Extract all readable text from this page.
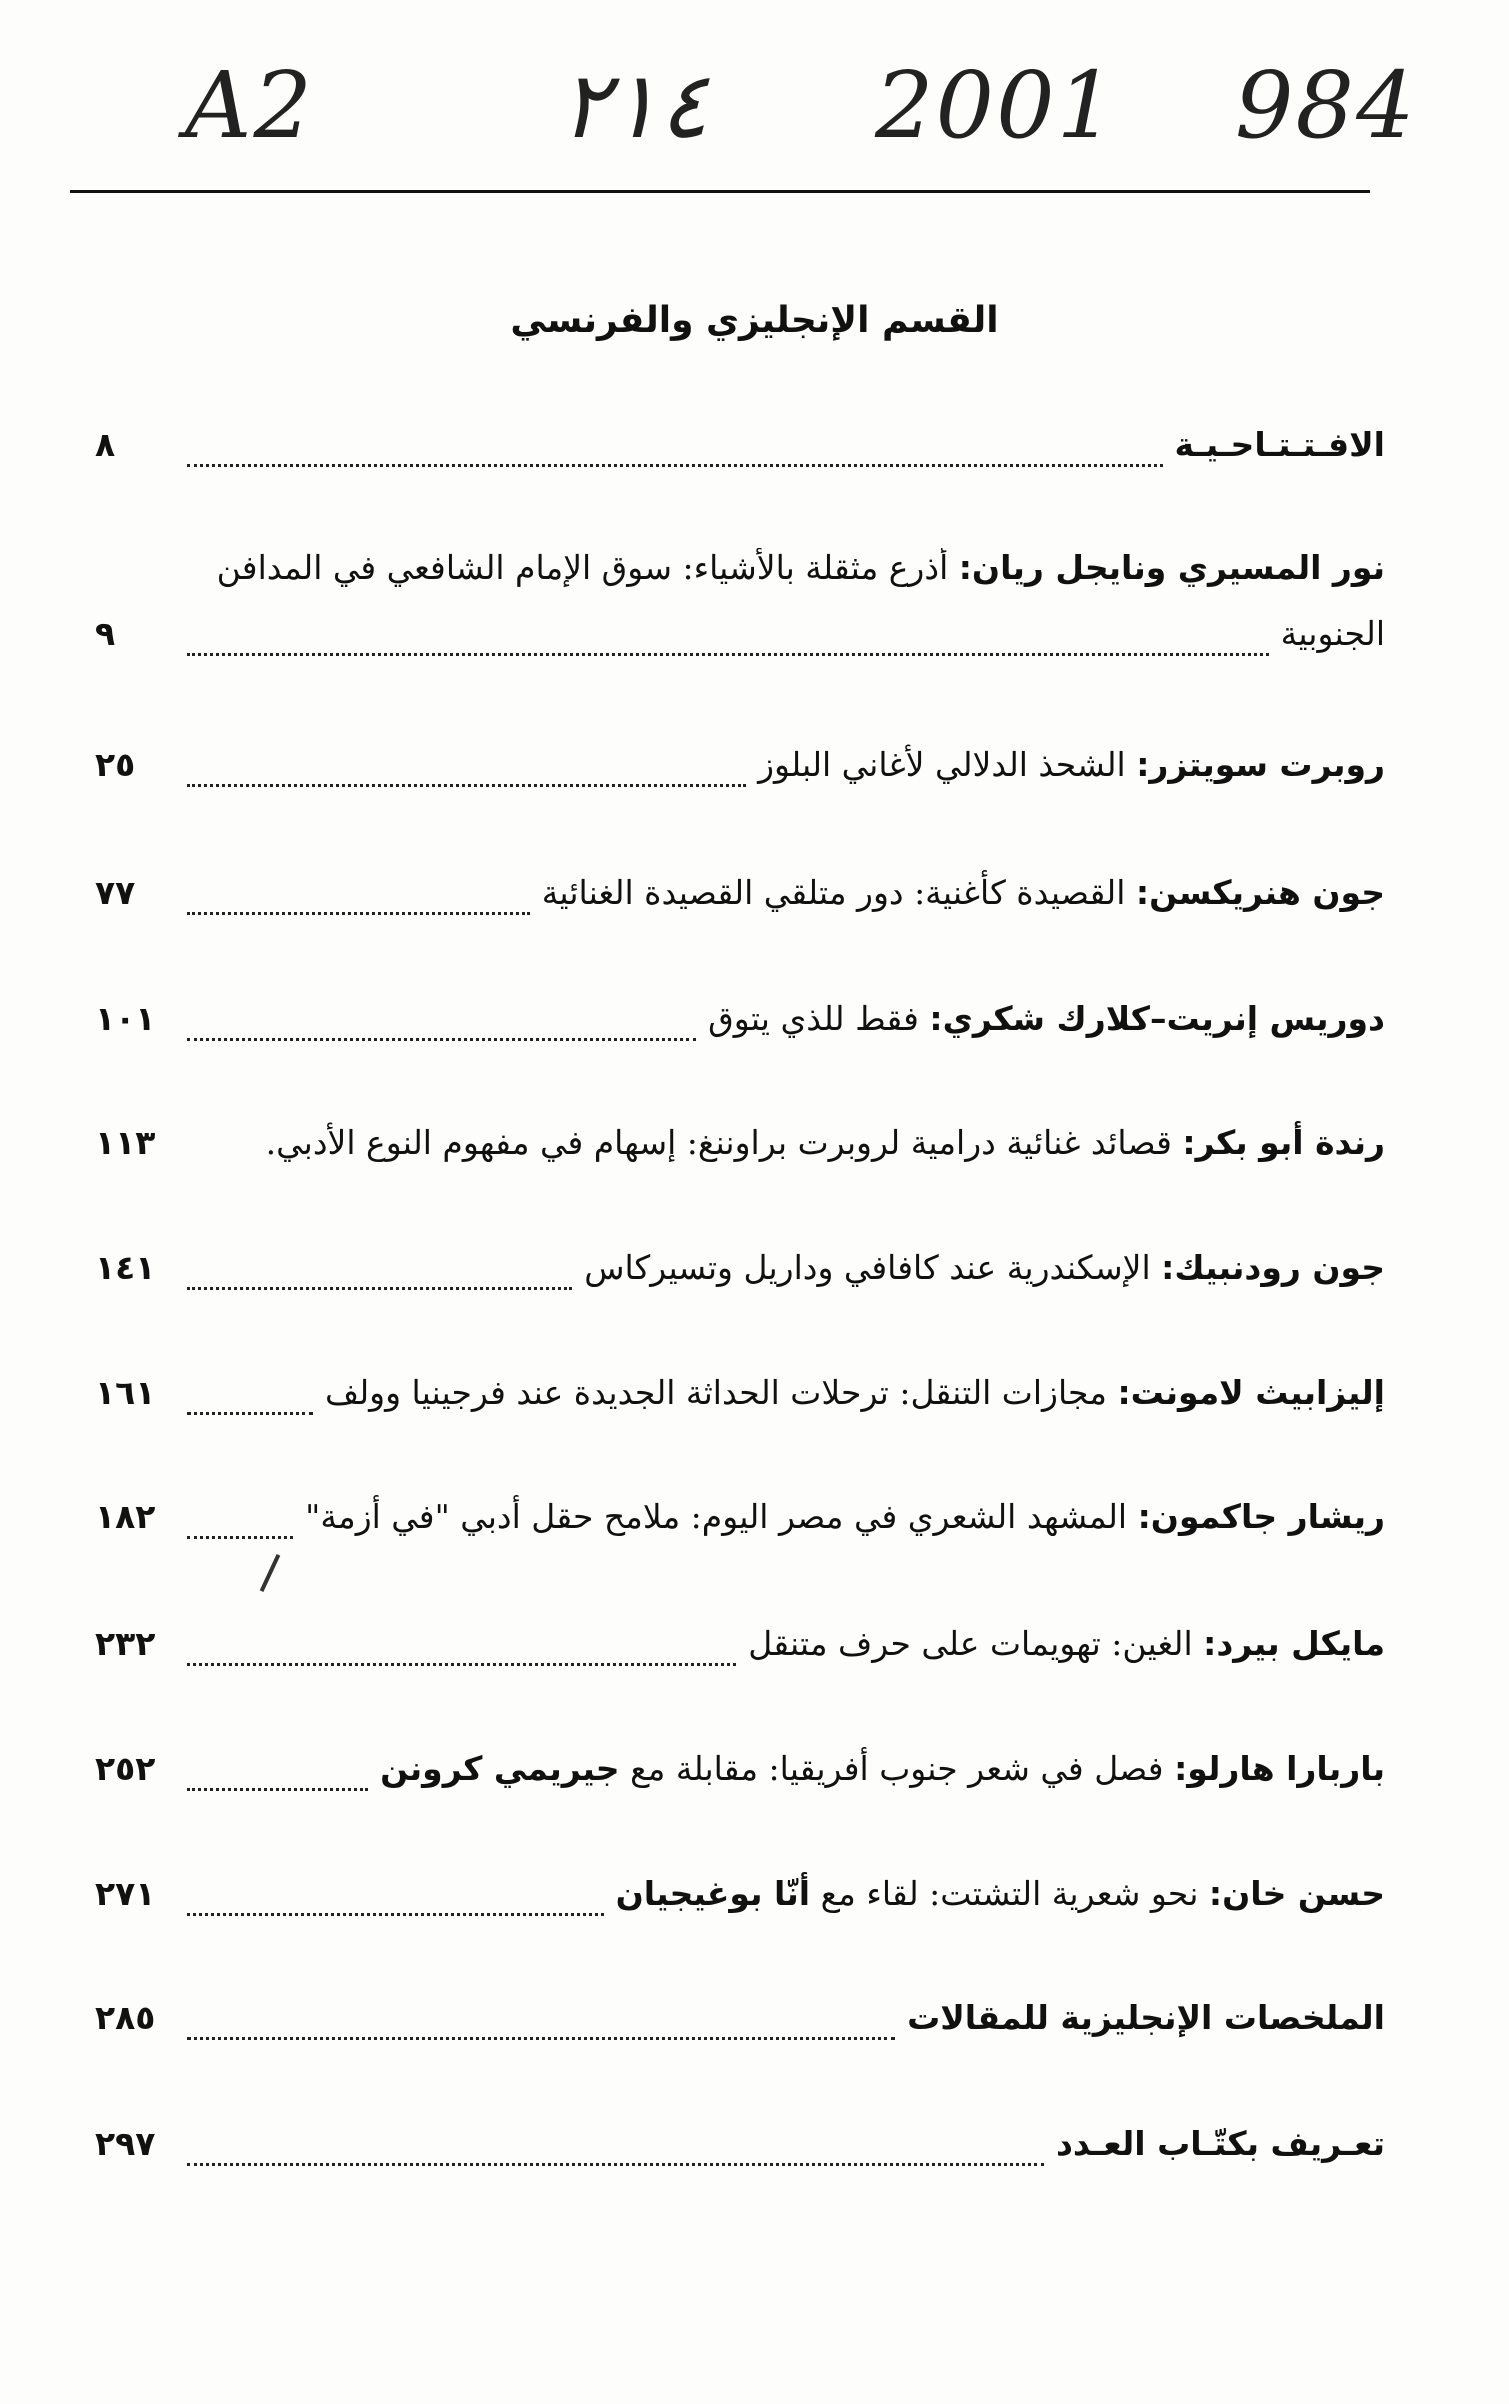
A2	٢١٤ 2001 984
القسم الإنجليزي والفرنسي
الافـتـتـاحـيـة
٨
نور المسيري ونايجل ريان: أذرع مثقلة بالأشياء: سوق الإمام الشافعي في المدافن
الجنوبية
٩
روبرت سويتزر: الشحذ الدلالي لأغاني البلوز
٢٥
جون هنريكسن: القصيدة كأغنية: دور متلقي القصيدة الغنائية
٧٧
دوريس إنريت–كلارك شكري: فقط للذي يتوق
١٠١
رندة أبو بكر: قصائد غنائية درامية لروبرت براوننغ: إسهام في مفهوم النوع الأدبي.
١١٣
جون رودنبيك: الإسكندرية عند كافافي وداريل وتسيركاس
١٤١
إليزابيث لامونت: مجازات التنقل: ترحلات الحداثة الجديدة عند فرجينيا وولف
١٦١
ريشار جاكمون: المشهد الشعري في مصر اليوم: ملامح حقل أدبي "في أزمة"
١٨٢
مايكل بيرد: الغين: تهويمات على حرف متنقل
٢٣٢
باربارا هارلو: فصل في شعر جنوب أفريقيا: مقابلة مع جيريمي كرونن
٢٥٢
حسن خان: نحو شعرية التشتت: لقاء مع أنّا بوغيجيان
٢٧١
الملخصات الإنجليزية للمقالات
٢٨٥
تعـريف بكتّـاب العـدد
٢٩٧
